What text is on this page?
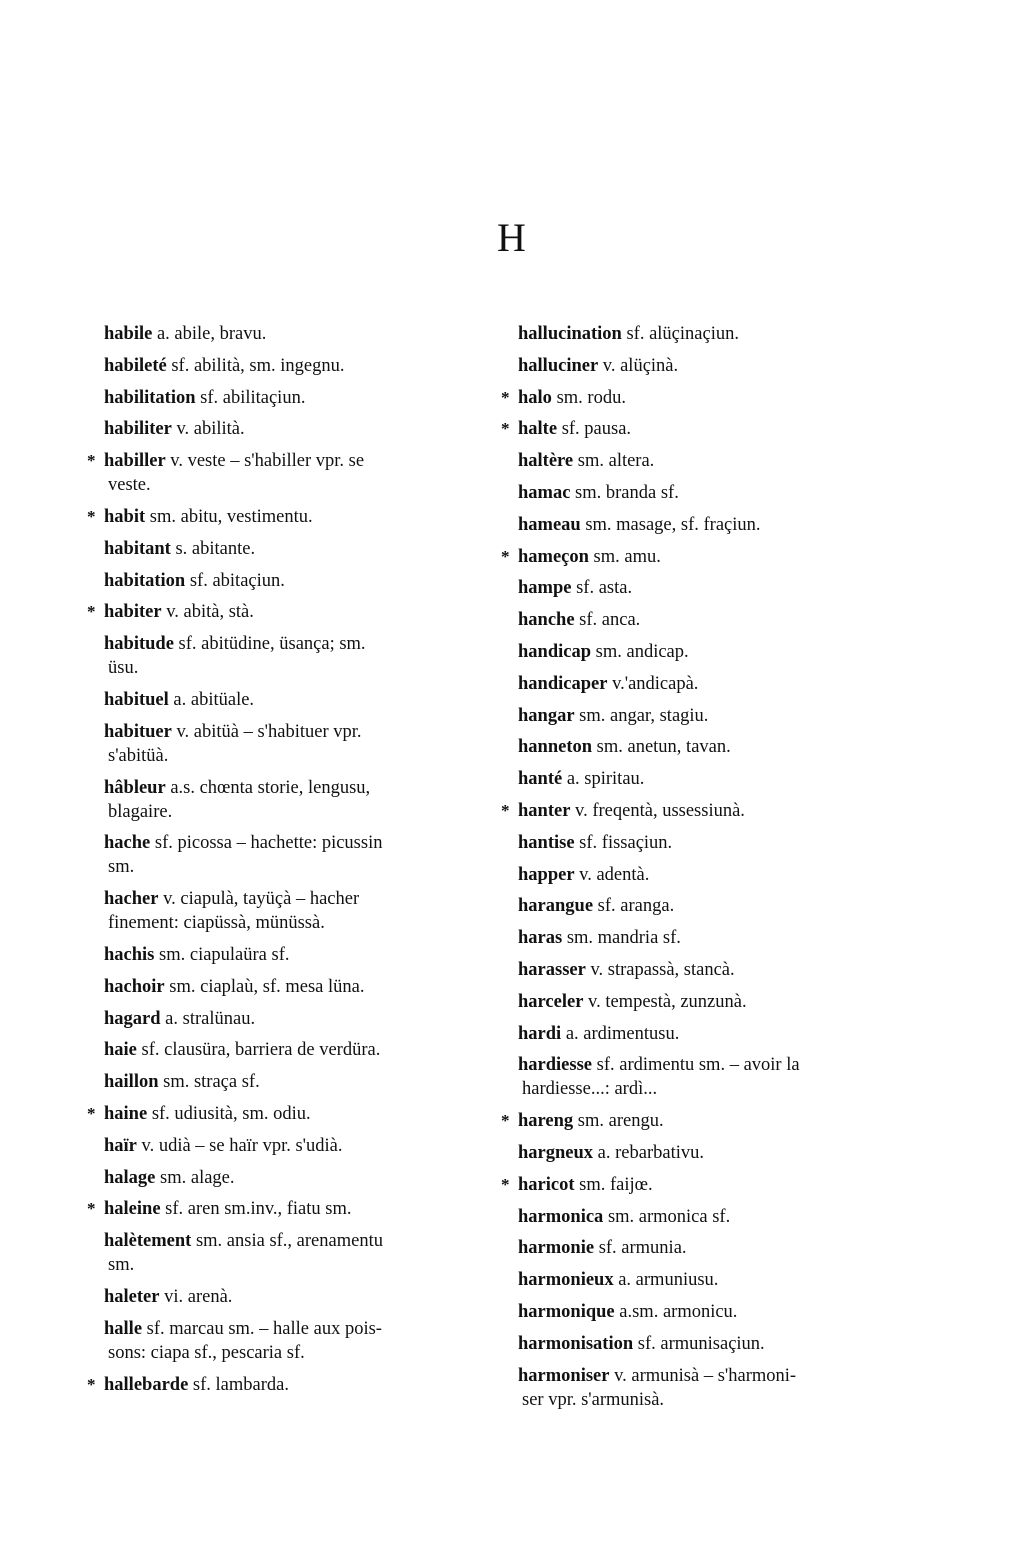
H
habile a. abile, bravu.
habileté sf. abilità, sm. ingegnu.
habilitation sf. abilitaçiun.
habiliter v. abilità.
* habiller v. veste – s'habiller vpr. se
veste.
* habit sm. abitu, vestimentu.
habitant s. abitante.
habitation sf. abitaçiun.
* habiter v. abità, stà.
habitude sf. abitüdine, üsança; sm.
üsu.
habituel a. abitüale.
habituer v. abitüà – s'habituer vpr.
s'abitüà.
hâbleur a.s. chœnta storie, lengusu,
blagaire.
hache sf. picossa – hachette: picussin
sm.
hacher v. ciapulà, tayüçà – hacher
finement: ciapüssà, münüssà.
hachis sm. ciapulaüra sf.
hachoir sm. ciaplaù, sf. mesa lüna.
hagard a. stralünau.
haie sf. clausüra, barriera de verdüra.
haillon sm. straça sf.
* haine sf. udiusità, sm. odiu.
haïr v. udià – se haïr vpr. s'udià.
halage sm. alage.
* haleine sf. aren sm.inv., fiatu sm.
halètement sm. ansia sf., arenamentu
sm.
haleter vi. arenà.
halle sf. marcau sm. – halle aux pois-
sons: ciapa sf., pescaria sf.
* hallebarde sf. lambarda.
hallucination sf. alüçinaçiun.
halluciner v. alüçinà.
* halo sm. rodu.
* halte sf. pausa.
haltère sm. altera.
hamac sm. branda sf.
hameau sm. masage, sf. fraçiun.
* hameçon sm. amu.
hampe sf. asta.
hanche sf. anca.
handicap sm. andicap.
handicaper v.'andicapà.
hangar sm. angar, stagiu.
hanneton sm. anetun, tavan.
hanté a. spiritau.
* hanter v. freqentà, ussessiunà.
hantise sf. fissaçiun.
happer v. adentà.
harangue sf. aranga.
haras sm. mandria sf.
harasser v. strapassà, stancà.
harceler v. tempestà, zunzunà.
hardi a. ardimentusu.
hardiesse sf. ardimentu sm. – avoir la
hardiesse...: ardì...
* hareng sm. arengu.
hargneux a. rebarbativu.
* haricot sm. faijœ.
harmonica sm. armonica sf.
harmonie sf. armunia.
harmonieux a. armuniusu.
harmonique a.sm. armonicu.
harmonisation sf. armunisaçiun.
harmoniser v. armunisà – s'harmoni-
ser vpr. s'armunisà.
